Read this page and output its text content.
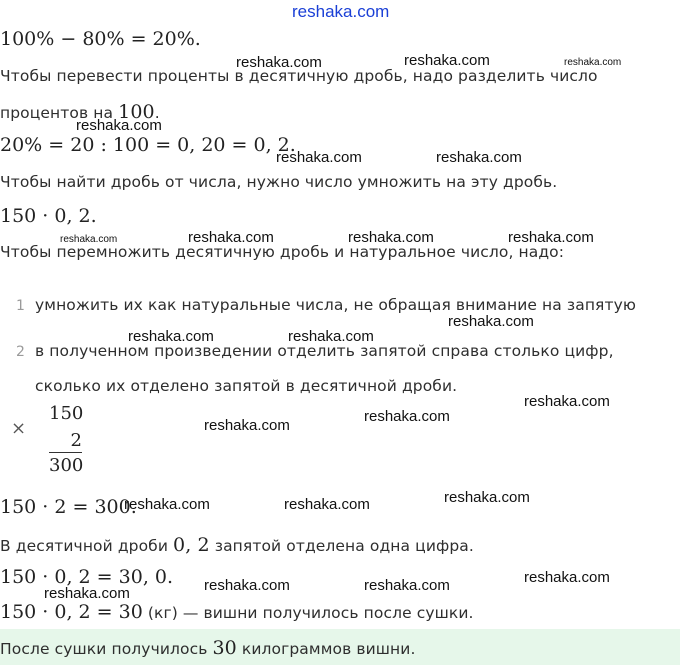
reshaka.com
100% − 80% = 20%.
reshaka.com	reshaka.com	reshaka.com
Чтобы перевести проценты в десятичную дробь, надо разделить число
процентов на 100.
reshaka.com
20% = 20 : 100 = 0, 20 = 0, 2.
reshaka.com	reshaka.com
Чтобы найти дробь от числа, нужно число умножить на эту дробь.
150 · 0, 2.
reshaka.com	reshaka.com	reshaka.com	reshaka.com
Чтобы перемножить десятичную дробь и натуральное число, надо:
1 умножить их как натуральные числа, не обращая внимание на запятую
reshaka.com
reshaka.com	reshaka.com
2 в полученном произведении отделить запятой справа столько цифр,
сколько их отделено запятой в десятичной дроби.
×
150
2
300
reshaka.com
reshaka.com
reshaka.com
150 · 2 = 300.
reshaka.com	reshaka.com	reshaka.com
В десятичной дроби 0, 2 запятой отделена одна цифра.
150 · 0, 2 = 30, 0. reshaka.com	reshaka.com	reshaka.com
reshaka.com
150 · 0, 2 = 30 (кг) — вишни получилось после сушки.
После сушки получилось 30 килограммов вишни.
